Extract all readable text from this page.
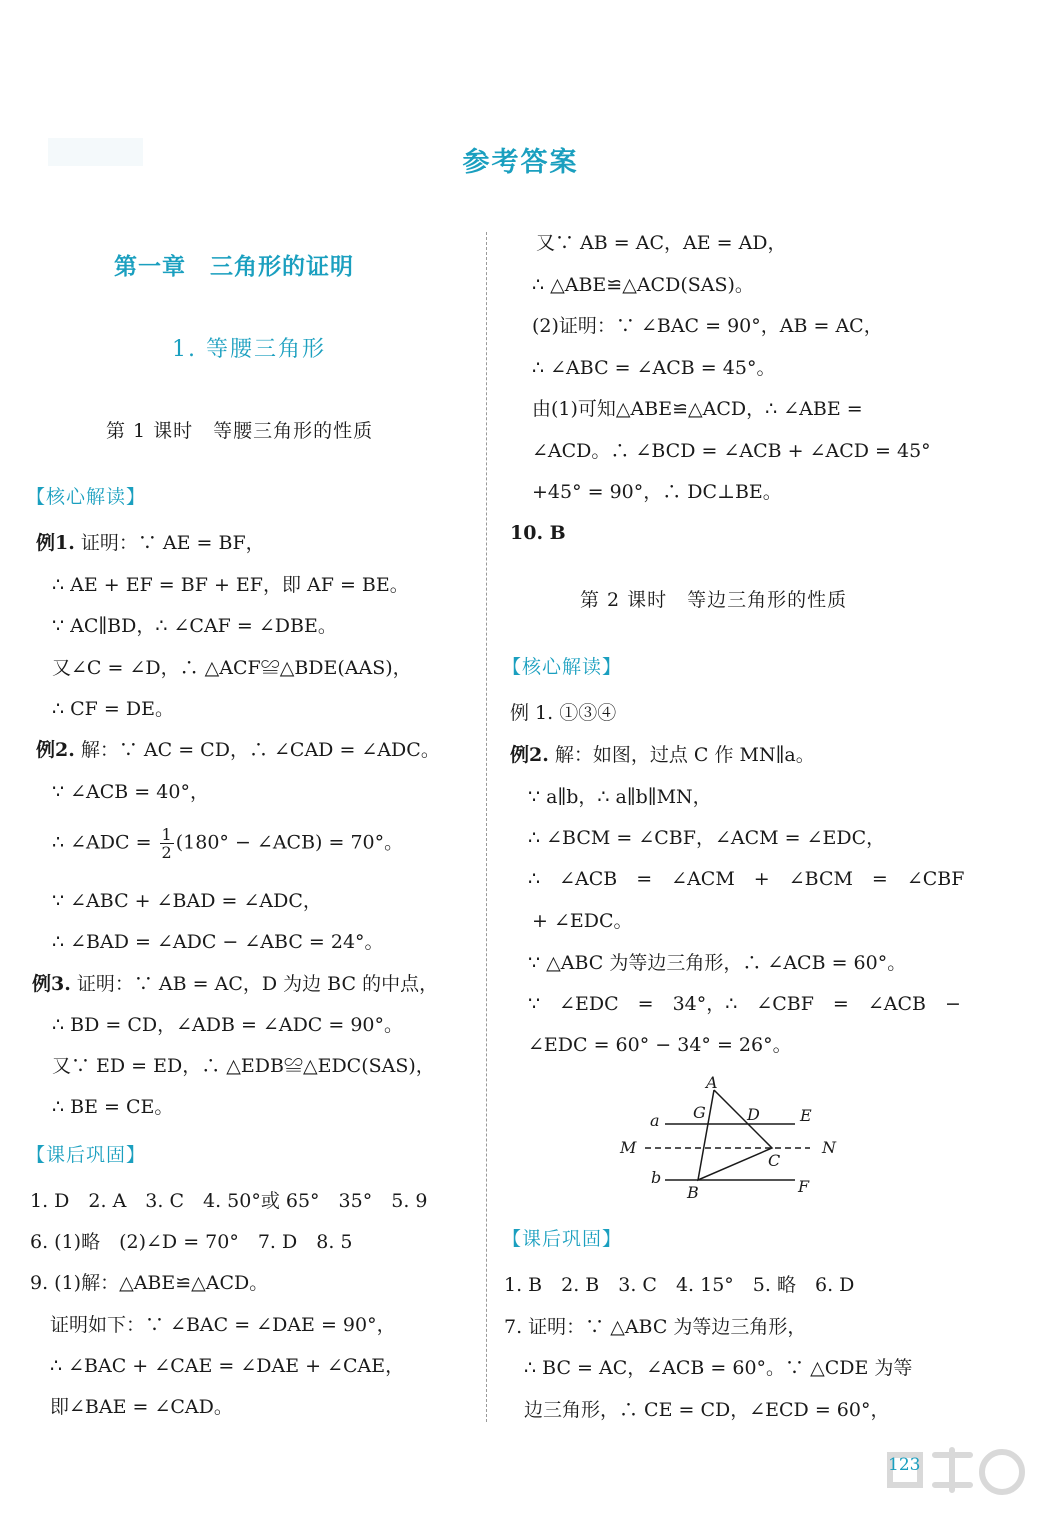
参考答案
第一章　三角形的证明
1. 等腰三角形
第 1 课时　等腰三角形的性质
【核心解读】
例1. 证明：∵ AE = BF，
∴ AE + EF = BF + EF，即 AF = BE。
∵ AC∥BD，∴ ∠CAF = ∠DBE。
又∠C = ∠D，∴ △ACF≌△BDE(AAS)，
∴ CF = DE。
例2. 解：∵ AC = CD，∴ ∠CAD = ∠ADC。
∵ ∠ACB = 40°，
∴ ∠ADC = $\frac{1}{2} (180^\circ$ − ∠ACB) = 70°。
∵ ∠ABC + ∠BAD = ∠ADC，
∴ ∠BAD = ∠ADC − ∠ABC = 24°。
例3. 证明：∵ AB = AC，D 为边 BC 的中点，
∴ BD = CD，∠ADB = ∠ADC = 90°。
又∵ ED = ED，∴ △EDB≌△EDC(SAS)，
∴ BE = CE。
【课后巩固】
1. D　2. A　3. C　4. 50°或 65°　35°　5. 9
6. (1)略　(2)∠D = 70°　7. D　8. 5
9. (1)解：△ABE≌△ACD。
证明如下：∵ ∠BAC = ∠DAE = 90°，
∴ ∠BAC + ∠CAE = ∠DAE + ∠CAE，
即∠BAE = ∠CAD。
又∵ AB = AC，AE = AD，
∴ △ABE≌△ACD(SAS)。
(2)证明：∵ ∠BAC = 90°，AB = AC，
∴ ∠ABC = ∠ACB = 45°。
由(1)可知△ABE≌△ACD，∴ ∠ABE =
∠ACD。∴ ∠BCD = ∠ACB + ∠ACD = 45°
+45° = 90°，∴ DC⊥BE。
10. B
第 2 课时　等边三角形的性质
【核心解读】
例 1. ①③④
例2. 解：如图，过点 C 作 MN∥a。
∵ a∥b，∴ a∥b∥MN，
∴ ∠BCM = ∠CBF，∠ACM = ∠EDC，
∴　∠ACB　=　∠ACM　+　∠BCM　=　∠CBF
+ ∠EDC。
∵ △ABC 为等边三角形，∴ ∠ACB = 60°。
∵　∠EDC　=　34°，∴　∠CBF　=　∠ACB　−
∠EDC = 60° − 34° = 26°。
【课后巩固】
1. B　2. B　3. C　4. 15°　5. 略　6. D
7. 证明：∵ △ABC 为等边三角形，
∴ BC = AC，∠ACB = 60°。∵ △CDE 为等
边三角形，∴ CE = CD，∠ECD = 60°，
A
G	D	E
a
M	N
C
b
B	F
123
